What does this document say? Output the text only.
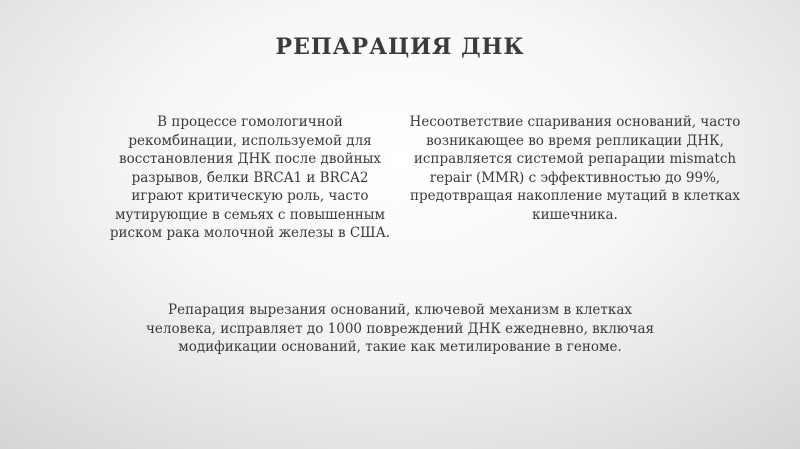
РЕПАРАЦИЯ ДНК

В процессе гомологичной рекомбинации, используемой для восстановления ДНК после двойных разрывов, белки BRCA1 и BRCA2 играют критическую роль, часто мутирующие в семьях с повышенным риском рака молочной железы в США.

Несоответствие спаривания оснований, часто возникающее во время репликации ДНК, исправляется системой репарации mismatch repair (MMR) с эффективностью до 99%, предотвращая накопление мутаций в клетках кишечника.

Репарация вырезания оснований, ключевой механизм в клетках человека, исправляет до 1000 повреждений ДНК ежедневно, включая модификации оснований, такие как метилирование в геноме.
